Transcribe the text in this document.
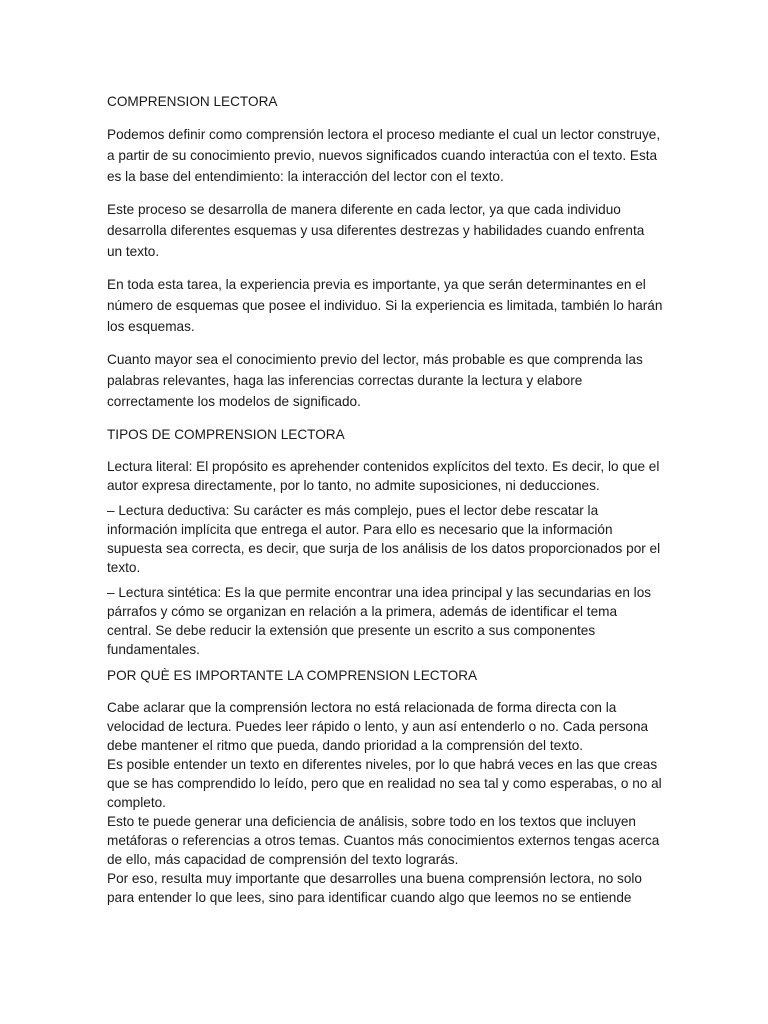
COMPRENSION LECTORA

Podemos definir como comprensión lectora el proceso mediante el cual un lector construye, a partir de su conocimiento previo, nuevos significados cuando interactúa con el texto. Esta es la base del entendimiento: la interacción del lector con el texto.

Este proceso se desarrolla de manera diferente en cada lector, ya que cada individuo desarrolla diferentes esquemas y usa diferentes destrezas y habilidades cuando enfrenta un texto.

En toda esta tarea, la experiencia previa es importante, ya que serán determinantes en el número de esquemas que posee el individuo. Si la experiencia es limitada, también lo harán los esquemas.

Cuanto mayor sea el conocimiento previo del lector, más probable es que comprenda las palabras relevantes, haga las inferencias correctas durante la lectura y elabore correctamente los modelos de significado.

TIPOS DE COMPRENSION LECTORA

Lectura literal: El propósito es aprehender contenidos explícitos del texto. Es decir, lo que el autor expresa directamente, por lo tanto, no admite suposiciones, ni deducciones.

– Lectura deductiva: Su carácter es más complejo, pues el lector debe rescatar la información implícita que entrega el autor. Para ello es necesario que la información supuesta sea correcta, es decir, que surja de los análisis de los datos proporcionados por el texto.

– Lectura sintética: Es la que permite encontrar una idea principal y las secundarias en los párrafos y cómo se organizan en relación a la primera, además de identificar el tema central. Se debe reducir la extensión que presente un escrito a sus componentes fundamentales.

POR QUÈ ES IMPORTANTE LA COMPRENSION LECTORA

Cabe aclarar que la comprensión lectora no está relacionada de forma directa con la velocidad de lectura. Puedes leer rápido o lento, y aun así entenderlo o no. Cada persona debe mantener el ritmo que pueda, dando prioridad a la comprensión del texto.

Es posible entender un texto en diferentes niveles, por lo que habrá veces en las que creas que se has comprendido lo leído, pero que en realidad no sea tal y como esperabas, o no al completo.

Esto te puede generar una deficiencia de análisis, sobre todo en los textos que incluyen metáforas o referencias a otros temas. Cuantos más conocimientos externos tengas acerca de ello, más capacidad de comprensión del texto lograrás.

Por eso, resulta muy importante que desarrolles una buena comprensión lectora, no solo para entender lo que lees, sino para identificar cuando algo que leemos no se entiende
